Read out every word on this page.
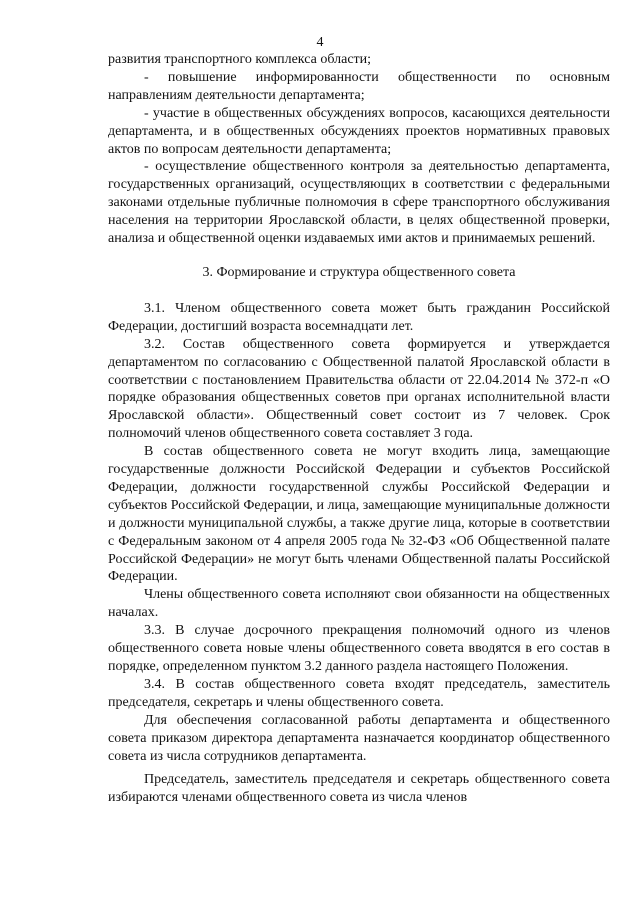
4

развития транспортного комплекса области;

- повышение информированности общественности по основным направлениям деятельности департамента;

- участие в общественных обсуждениях вопросов, касающихся деятельности департамента, и в общественных обсуждениях проектов нормативных правовых актов по вопросам деятельности департамента;

- осуществление общественного контроля за деятельностью департамента, государственных организаций, осуществляющих в соответствии с федеральными законами отдельные публичные полномочия в сфере транспортного обслуживания населения на территории Ярославской области, в целях общественной проверки, анализа и общественной оценки издаваемых ими актов и принимаемых решений.

3. Формирование и структура общественного совета

3.1. Членом общественного совета может быть гражданин Российской Федерации, достигший возраста восемнадцати лет.

3.2. Состав общественного совета формируется и утверждается департаментом по согласованию с Общественной палатой Ярославской области в соответствии с постановлением Правительства области от 22.04.2014 № 372-п «О порядке образования общественных советов при органах исполнительной власти Ярославской области». Общественный совет состоит из 7 человек. Срок полномочий членов общественного совета составляет 3 года.

В состав общественного совета не могут входить лица, замещающие государственные должности Российской Федерации и субъектов Российской Федерации, должности государственной службы Российской Федерации и субъектов Российской Федерации, и лица, замещающие муниципальные должности и должности муниципальной службы, а также другие лица, которые в соответствии с Федеральным законом от 4 апреля 2005 года № 32-ФЗ «Об Общественной палате Российской Федерации» не могут быть членами Общественной палаты Российской Федерации.

Члены общественного совета исполняют свои обязанности на общественных началах.

3.3. В случае досрочного прекращения полномочий одного из членов общественного совета новые члены общественного совета вводятся в его состав в порядке, определенном пунктом 3.2 данного раздела настоящего Положения.

3.4. В состав общественного совета входят председатель, заместитель председателя, секретарь и члены общественного совета.

Для обеспечения согласованной работы департамента и общественного совета приказом директора департамента назначается координатор общественного совета из числа сотрудников департамента.

Председатель, заместитель председателя и секретарь общественного совета избираются членами общественного совета из числа членов
